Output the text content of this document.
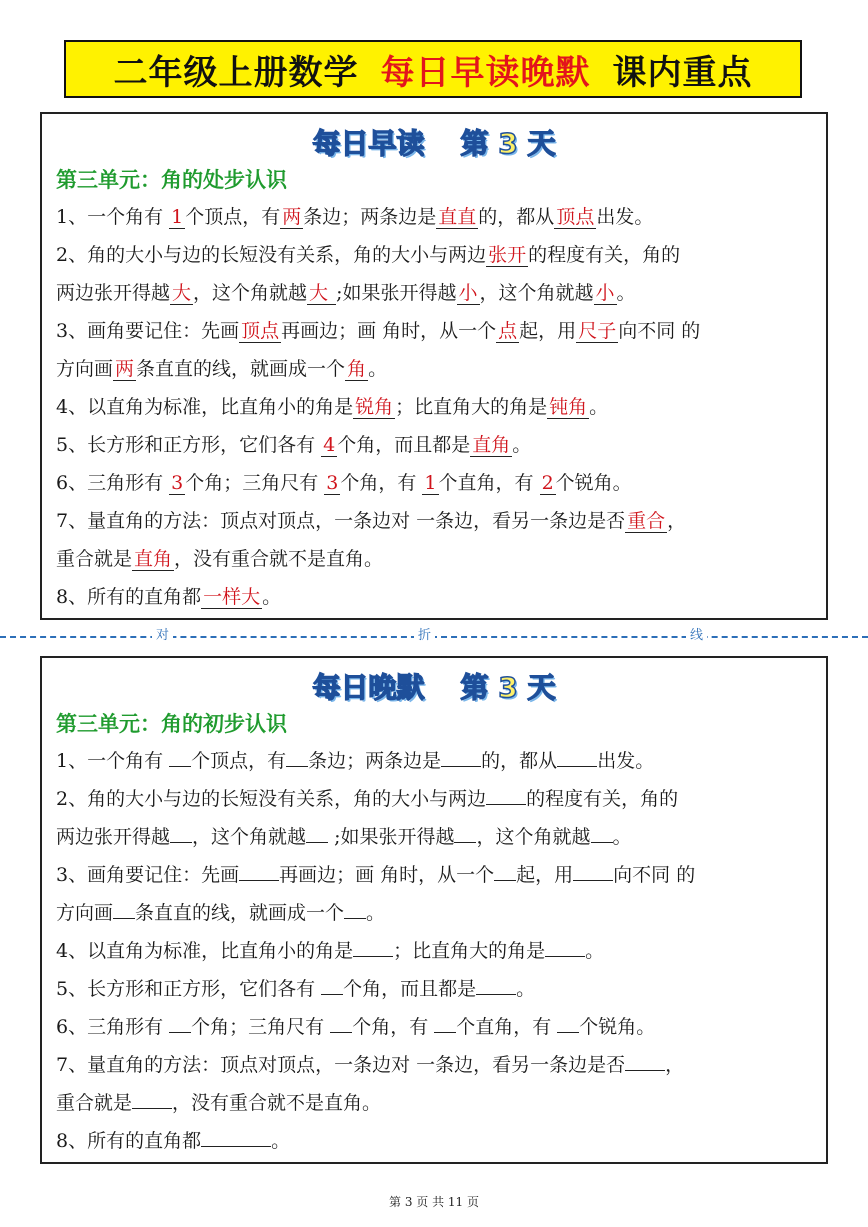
二年级上册数学 每日早读晚默 课内重点
每日早读 第 3 天
第三单元：角的处步认识
1、一个角有 1 个顶点，有 两 条边；两条边是 直直 的，都从 顶点 出发。
2、角的大小与边的长短没有关系，角的大小与两边 张开 的程度有关，角的
两边张开得越 大 ，这个角就越 大 ;如果张开得越 小 ，这个角就越 小 。
3、画角要记住：先画 顶点 再画边；画 角时，从一个 点 起，用 尺子 向不同 的
方向画 两 条直直的线，就画成一个 角 。
4、以直角为标准，比直角小的角是 锐角 ；比直角大的角是 钝角 。
5、长方形和正方形，它们各有 4 个角，而且都是 直角 。
6、三角形有 3 个角；三角尺有 3 个角，有 1 个直角，有 2 个锐角。
7、量直角的方法：顶点对顶点，一条边对 一条边，看另一条边是否 重合 ，
重合就是 直角 ，没有重合就不是直角。
8、所有的直角都 一样大 。
对	折	线
每日晚默 第 3 天
第三单元：角的初步认识
1、一个角有 个顶点，有 条边；两条边是 的，都从 出发。
2、角的大小与边的长短没有关系，角的大小与两边 的程度有关，角的
两边张开得越 ，这个角就越 ;如果张开得越 ，这个角就越 。
3、画角要记住：先画 再画边；画 角时，从一个 起，用 向不同 的
方向画 条直直的线，就画成一个 。
4、以直角为标准，比直角小的角是 ；比直角大的角是 。
5、长方形和正方形，它们各有 个角，而且都是 。
6、三角形有 个角；三角尺有 个角，有 个直角，有 个锐角。
7、量直角的方法：顶点对顶点，一条边对 一条边，看另一条边是否 ，
重合就是 ，没有重合就不是直角。
8、所有的直角都	。
第 3 页 共 11 页
